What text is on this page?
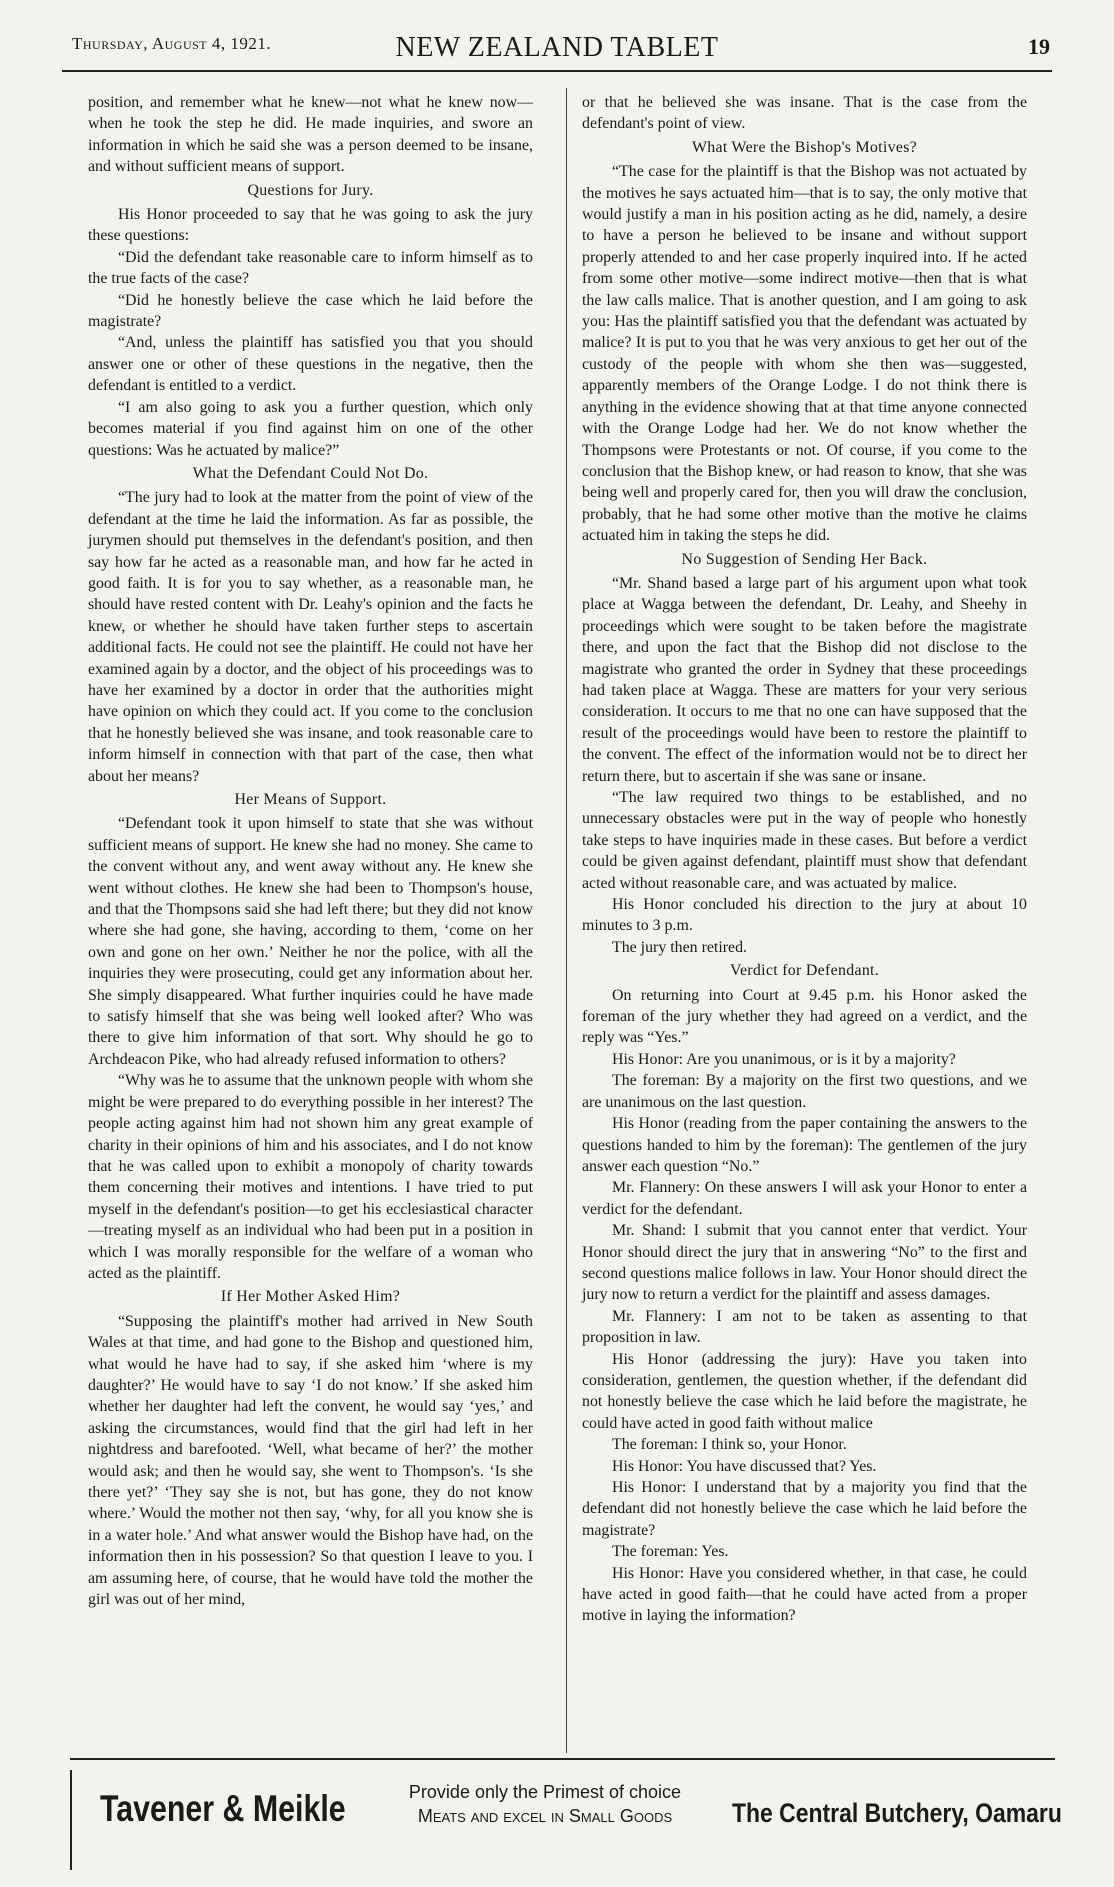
Thursday, August 4, 1921.	NEW ZEALAND TABLET	19

position, and remember what he knew—not what he knew now—when he took the step he did. He made inquiries, and swore an information in which he said she was a person deemed to be insane, and without sufficient means of support.

Questions for Jury.

His Honor proceeded to say that he was going to ask the jury these questions:

“Did the defendant take reasonable care to inform himself as to the true facts of the case?

“Did he honestly believe the case which he laid before the magistrate?

“And, unless the plaintiff has satisfied you that you should answer one or other of these questions in the negative, then the defendant is entitled to a verdict.

“I am also going to ask you a further question, which only becomes material if you find against him on one of the other questions: Was he actuated by malice?”

What the Defendant Could Not Do.

“The jury had to look at the matter from the point of view of the defendant at the time he laid the information. As far as possible, the jurymen should put themselves in the defendant's position, and then say how far he acted as a reasonable man, and how far he acted in good faith. It is for you to say whether, as a reasonable man, he should have rested content with Dr. Leahy's opinion and the facts he knew, or whether he should have taken further steps to ascertain additional facts. He could not see the plaintiff. He could not have her examined again by a doctor, and the object of his proceedings was to have her examined by a doctor in order that the authorities might have opinion on which they could act. If you come to the conclusion that he honestly believed she was insane, and took reasonable care to inform himself in connection with that part of the case, then what about her means?

Her Means of Support.

“Defendant took it upon himself to state that she was without sufficient means of support. He knew she had no money. She came to the convent without any, and went away without any. He knew she went without clothes. He knew she had been to Thompson's house, and that the Thompsons said she had left there; but they did not know where she had gone, she having, according to them, ‘come on her own and gone on her own.’ Neither he nor the police, with all the inquiries they were prosecuting, could get any information about her. She simply disappeared. What further inquiries could he have made to satisfy himself that she was being well looked after? Who was there to give him information of that sort. Why should he go to Archdeacon Pike, who had already refused information to others?

“Why was he to assume that the unknown people with whom she might be were prepared to do everything possible in her interest? The people acting against him had not shown him any great example of charity in their opinions of him and his associates, and I do not know that he was called upon to exhibit a monopoly of charity towards them concerning their motives and intentions. I have tried to put myself in the defendant's position—to get his ecclesiastical character—treating myself as an individual who had been put in a position in which I was morally responsible for the welfare of a woman who acted as the plaintiff.

If Her Mother Asked Him?

“Supposing the plaintiff's mother had arrived in New South Wales at that time, and had gone to the Bishop and questioned him, what would he have had to say, if she asked him ‘where is my daughter?’ He would have to say ‘I do not know.’ If she asked him whether her daughter had left the convent, he would say ‘yes,’ and asking the circumstances, would find that the girl had left in her nightdress and barefooted. ‘Well, what became of her?’ the mother would ask; and then he would say, she went to Thompson's. ‘Is she there yet?’ ‘They say she is not, but has gone, they do not know where.’ Would the mother not then say, ‘why, for all you know she is in a water hole.’ And what answer would the Bishop have had, on the information then in his possession? So that question I leave to you. I am assuming here, of course, that he would have told the mother the girl was out of her mind,

or that he believed she was insane. That is the case from the defendant's point of view.

What Were the Bishop's Motives?

“The case for the plaintiff is that the Bishop was not actuated by the motives he says actuated him—that is to say, the only motive that would justify a man in his position acting as he did, namely, a desire to have a person he believed to be insane and without support properly attended to and her case properly inquired into. If he acted from some other motive—some indirect motive—then that is what the law calls malice. That is another question, and I am going to ask you: Has the plaintiff satisfied you that the defendant was actuated by malice? It is put to you that he was very anxious to get her out of the custody of the people with whom she then was—suggested, apparently members of the Orange Lodge. I do not think there is anything in the evidence showing that at that time anyone connected with the Orange Lodge had her. We do not know whether the Thompsons were Protestants or not. Of course, if you come to the conclusion that the Bishop knew, or had reason to know, that she was being well and properly cared for, then you will draw the conclusion, probably, that he had some other motive than the motive he claims actuated him in taking the steps he did.

No Suggestion of Sending Her Back.

“Mr. Shand based a large part of his argument upon what took place at Wagga between the defendant, Dr. Leahy, and Sheehy in proceedings which were sought to be taken before the magistrate there, and upon the fact that the Bishop did not disclose to the magistrate who granted the order in Sydney that these proceedings had taken place at Wagga. These are matters for your very serious consideration. It occurs to me that no one can have supposed that the result of the proceedings would have been to restore the plaintiff to the convent. The effect of the information would not be to direct her return there, but to ascertain if she was sane or insane.

“The law required two things to be established, and no unnecessary obstacles were put in the way of people who honestly take steps to have inquiries made in these cases. But before a verdict could be given against defendant, plaintiff must show that defendant acted without reasonable care, and was actuated by malice.

His Honor concluded his direction to the jury at about 10 minutes to 3 p.m.

The jury then retired.

Verdict for Defendant.

On returning into Court at 9.45 p.m. his Honor asked the foreman of the jury whether they had agreed on a verdict, and the reply was “Yes.”

His Honor: Are you unanimous, or is it by a majority?

The foreman: By a majority on the first two questions, and we are unanimous on the last question.

His Honor (reading from the paper containing the answers to the questions handed to him by the foreman): The gentlemen of the jury answer each question “No.”

Mr. Flannery: On these answers I will ask your Honor to enter a verdict for the defendant.

Mr. Shand: I submit that you cannot enter that verdict. Your Honor should direct the jury that in answering “No” to the first and second questions malice follows in law. Your Honor should direct the jury now to return a verdict for the plaintiff and assess damages.

Mr. Flannery: I am not to be taken as assenting to that proposition in law.

His Honor (addressing the jury): Have you taken into consideration, gentlemen, the question whether, if the defendant did not honestly believe the case which he laid before the magistrate, he could have acted in good faith without malice

The foreman: I think so, your Honor.

His Honor: You have discussed that? Yes.

His Honor: I understand that by a majority you find that the defendant did not honestly believe the case which he laid before the magistrate?

The foreman: Yes.

His Honor: Have you considered whether, in that case, he could have acted in good faith—that he could have acted from a proper motive in laying the information?

Tavener & Meikle	Provide only the Primest of choice
Meats and excel in Small Goods	The Central Butchery, Oamaru
